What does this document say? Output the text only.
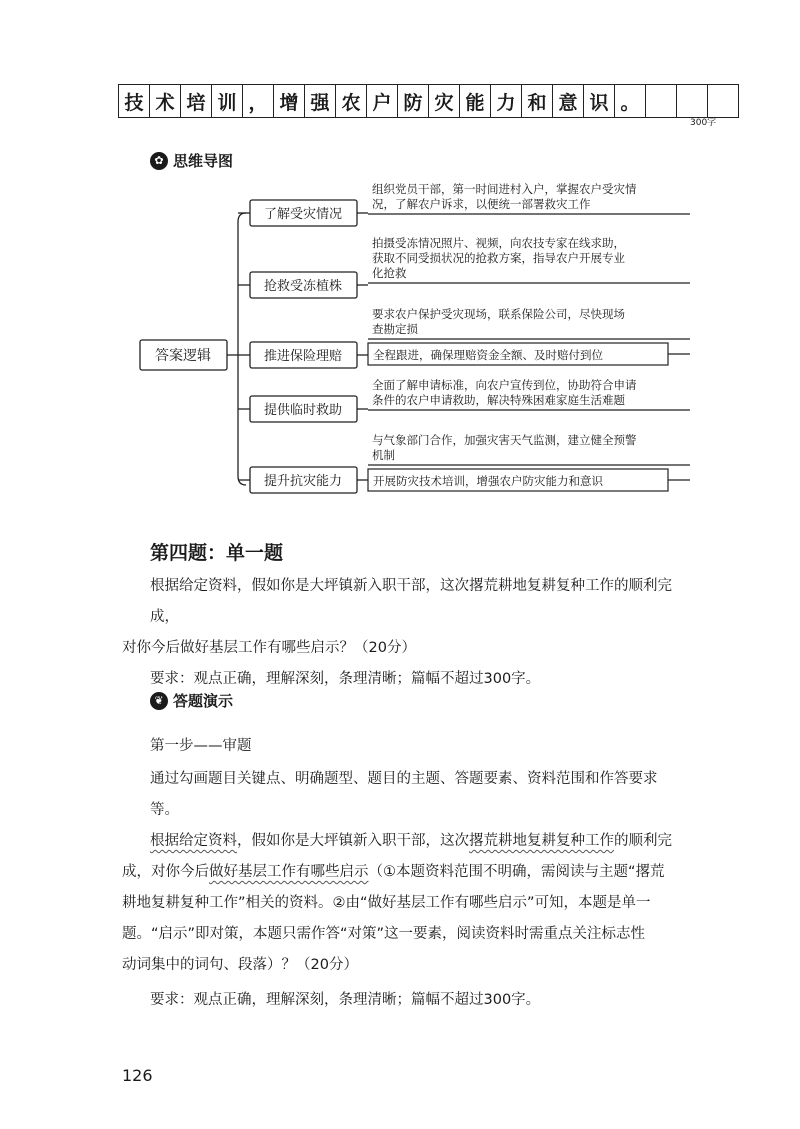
技 术 培 训 ， 增 强 农 户 防 灾 能 力 和 意 识 。
300字
✿ 思维导图
答案逻辑
了解受灾情况
组织党员干部，第一时间进村入户，掌握农户受灾情
况，了解农户诉求，以便统一部署救灾工作
抢救受冻植株
拍摄受冻情况照片、视频，向农技专家在线求助，
获取不同受损状况的抢救方案，指导农户开展专业
化抢救
推进保险理赔
要求农户保护受灾现场，联系保险公司，尽快现场
查勘定损
全程跟进，确保理赔资金全额、及时赔付到位
提供临时救助
全面了解申请标准，向农户宣传到位，协助符合申请
条件的农户申请救助，解决特殊困难家庭生活难题
提升抗灾能力
与气象部门合作，加强灾害天气监测，建立健全预警
机制
开展防灾技术培训，增强农户防灾能力和意识
第四题：单一题
根据给定资料，假如你是大坪镇新入职干部，这次撂荒耕地复耕复种工作的顺利完成，
对你今后做好基层工作有哪些启示？（20分）
要求：观点正确，理解深刻，条理清晰；篇幅不超过300字。
❦ 答题演示
第一步——审题
通过勾画题目关键点、明确题型、题目的主题、答题要素、资料范围和作答要求等。
根据给定资料，假如你是大坪镇新入职干部，这次撂荒耕地复耕复种工作的顺利完
成，对你今后做好基层工作有哪些启示（①本题资料范围不明确，需阅读与主题“撂荒
耕地复耕复种工作”相关的资料。②由“做好基层工作有哪些启示”可知，本题是单一
题。“启示”即对策，本题只需作答“对策”这一要素，阅读资料时需重点关注标志性
动词集中的词句、段落）？（20分）
要求：观点正确，理解深刻，条理清晰；篇幅不超过300字。
126
